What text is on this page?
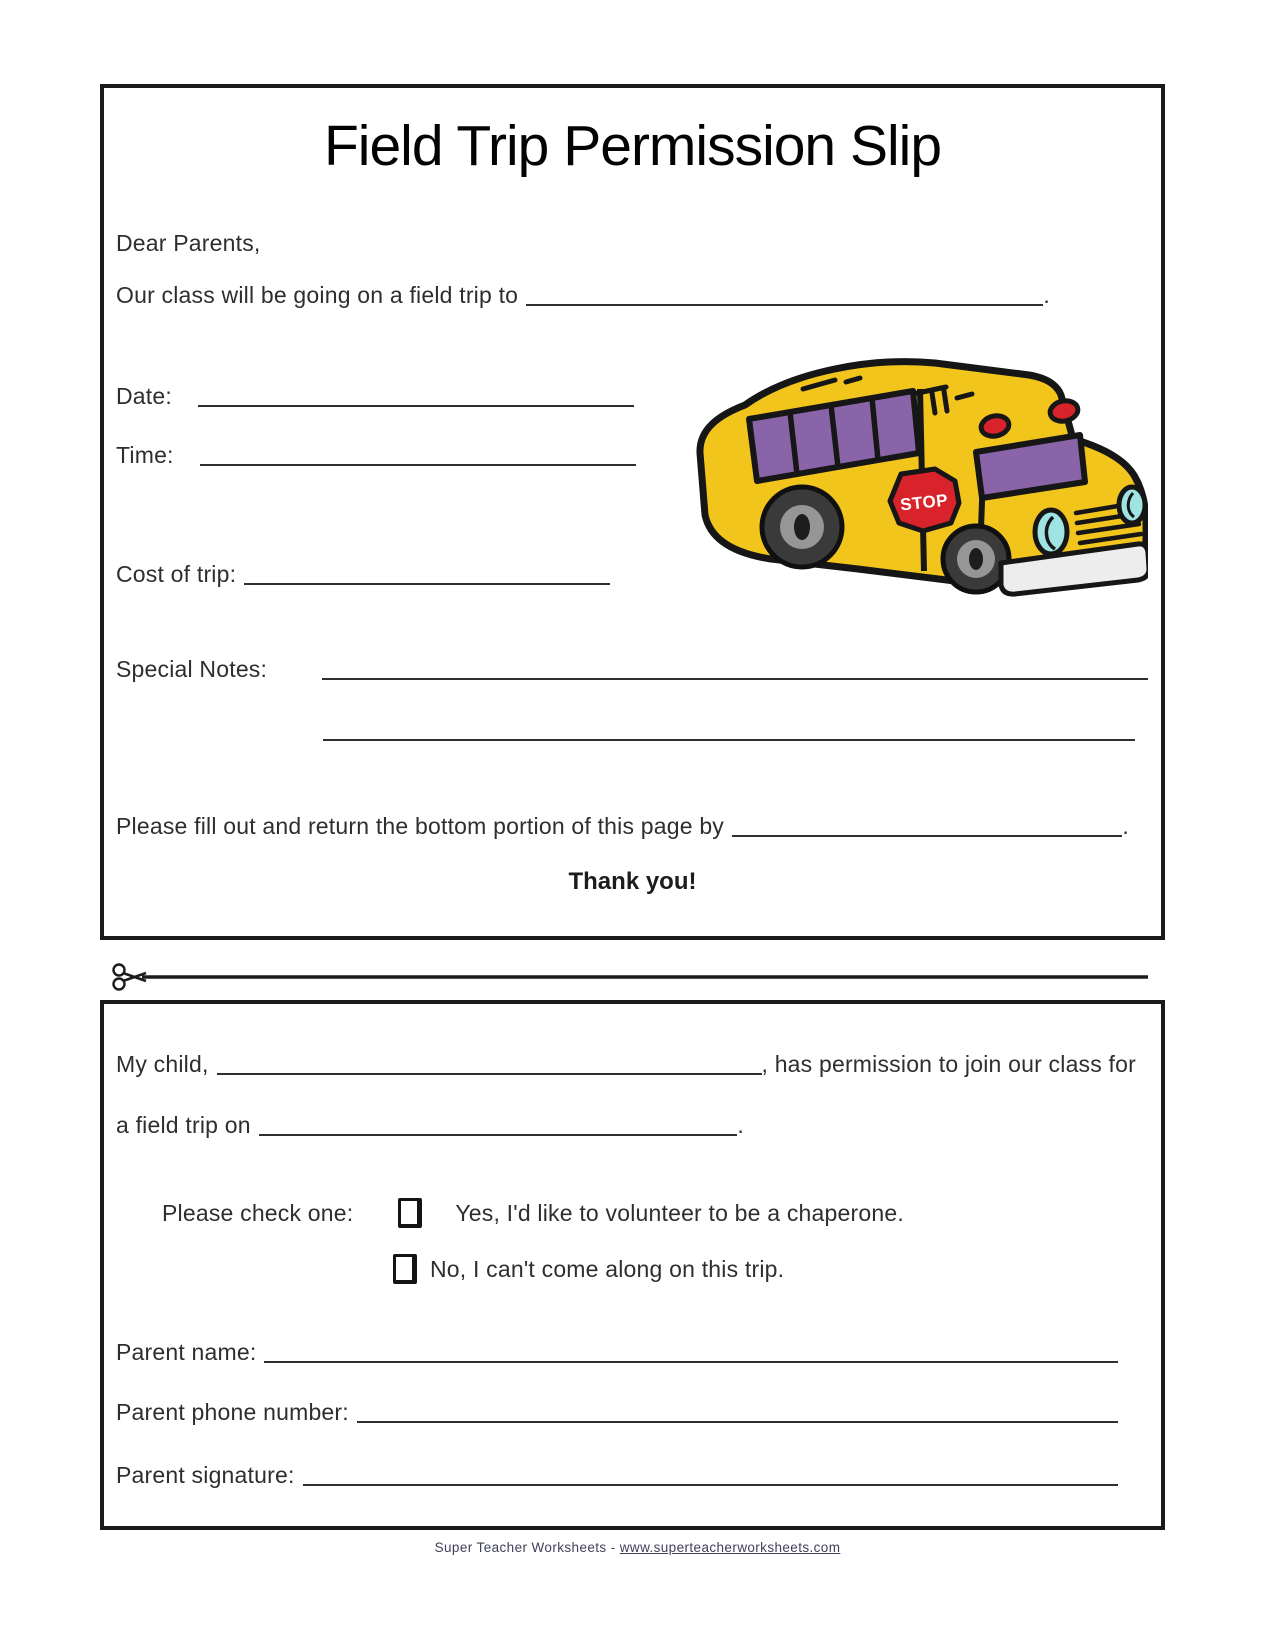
Field Trip Permission Slip
Dear Parents,
Our class will be going on a field trip to	.
Date:
Time:
Cost of trip:
Special Notes:
Please fill out and return the bottom portion of this page by	.
Thank you!
STOP
My child,	, has permission to join our class for
a field trip on	.
Please check one:	Yes, I'd like to volunteer to be a chaperone.
No, I can't come along on this trip.
Parent name:
Parent phone number:
Parent signature:
Super Teacher Worksheets - www.superteacherworksheets.com
